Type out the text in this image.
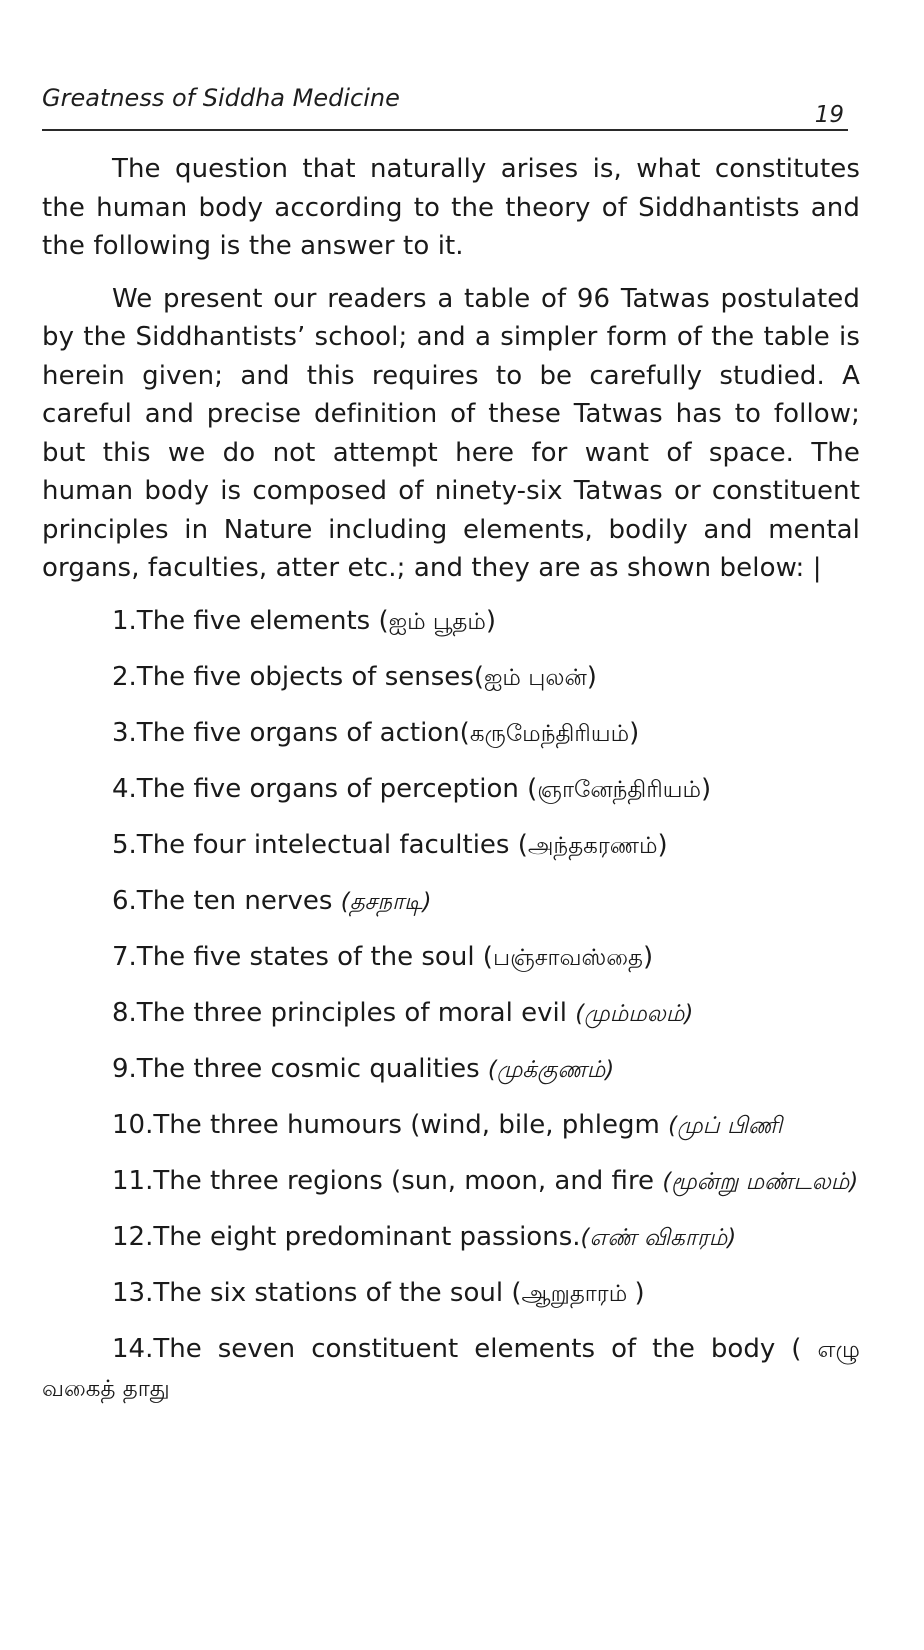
Greatness of Siddha Medicine
19

The question that naturally arises is, what constitutes the human body according to the theory of Siddhantists and the following is the answer to it.

We present our readers a table of 96 Tatwas postulated by the Siddhantists’ school; and a simpler form of the table is herein given; and this requires to be carefully studied. A careful and precise definition of these Tatwas has to follow; but this we do not attempt here for want of space. The human body is composed of ninety-six Tatwas or constituent principles in Nature including elements, bodily and mental organs, faculties, atter etc.; and they are as shown below: |

1.The five elements (ஐம் பூதம்)
2.The five objects of senses(ஐம் புலன்)
3.The five organs of action(கருமேந்திரியம்)
4.The five organs of perception (ஞானேந்திரியம்)
5.The four intelectual faculties (அந்தகரணம்)
6.The ten nerves (தசநாடி)
7.The five states of the soul (பஞ்சாவஸ்தை)
8.The three principles of moral evil (மும்மலம்)
9.The three cosmic qualities (முக்குணம்)
10.The three humours (wind, bile, phlegm (முப் பிணி
11.The three regions (sun, moon, and fire (மூன்று மண்டலம்)
12.The eight predominant passions.(எண் விகாரம்)
13.The six stations of the soul (ஆறுதாரம் )
14.The seven constituent elements of the body ( எழு வகைத் தாது
